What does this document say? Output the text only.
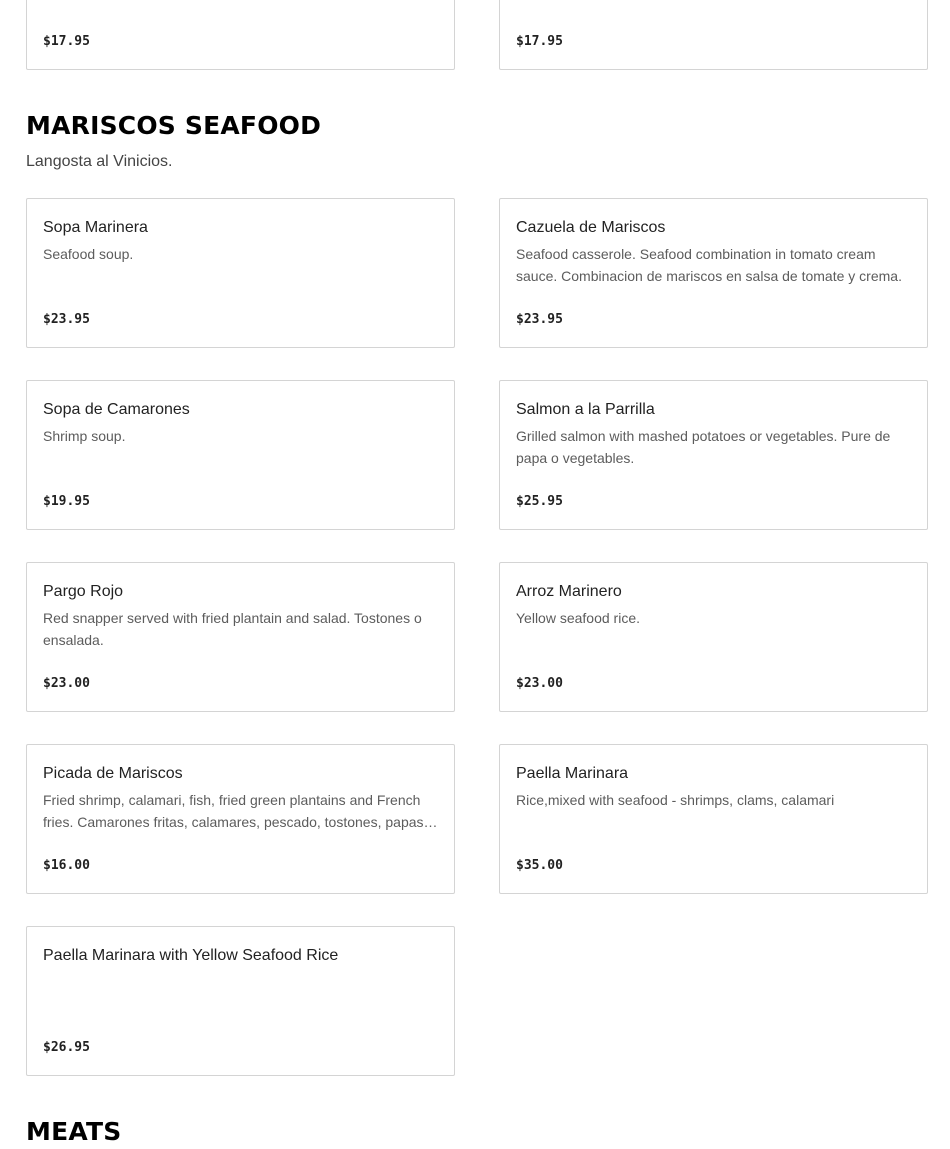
$17.95	$17.95
MARISCOS SEAFOOD

Langosta al Vinicios.

Sopa Marinera
Seafood soup.
$23.95
Cazuela de Mariscos
Seafood casserole. Seafood combination in tomato cream sauce. Combinacion de mariscos en salsa de tomate y crema.
$23.95
Sopa de Camarones
Shrimp soup.
$19.95
Salmon a la Parrilla
Grilled salmon with mashed potatoes or vegetables. Pure de papa o vegetables.
$25.95
Pargo Rojo
Red snapper served with fried plantain and salad. Tostones o ensalada.
$23.00
Arroz Marinero
Yellow seafood rice.
$23.00
Picada de Mariscos
Fried shrimp, calamari, fish, fried green plantains and French fries. Camarones fritas, calamares, pescado, tostones, papas…
$16.00
Paella Marinara
Rice,mixed with seafood - shrimps, clams, calamari
$35.00
Paella Marinara with Yellow Seafood Rice
$26.95
MEATS
